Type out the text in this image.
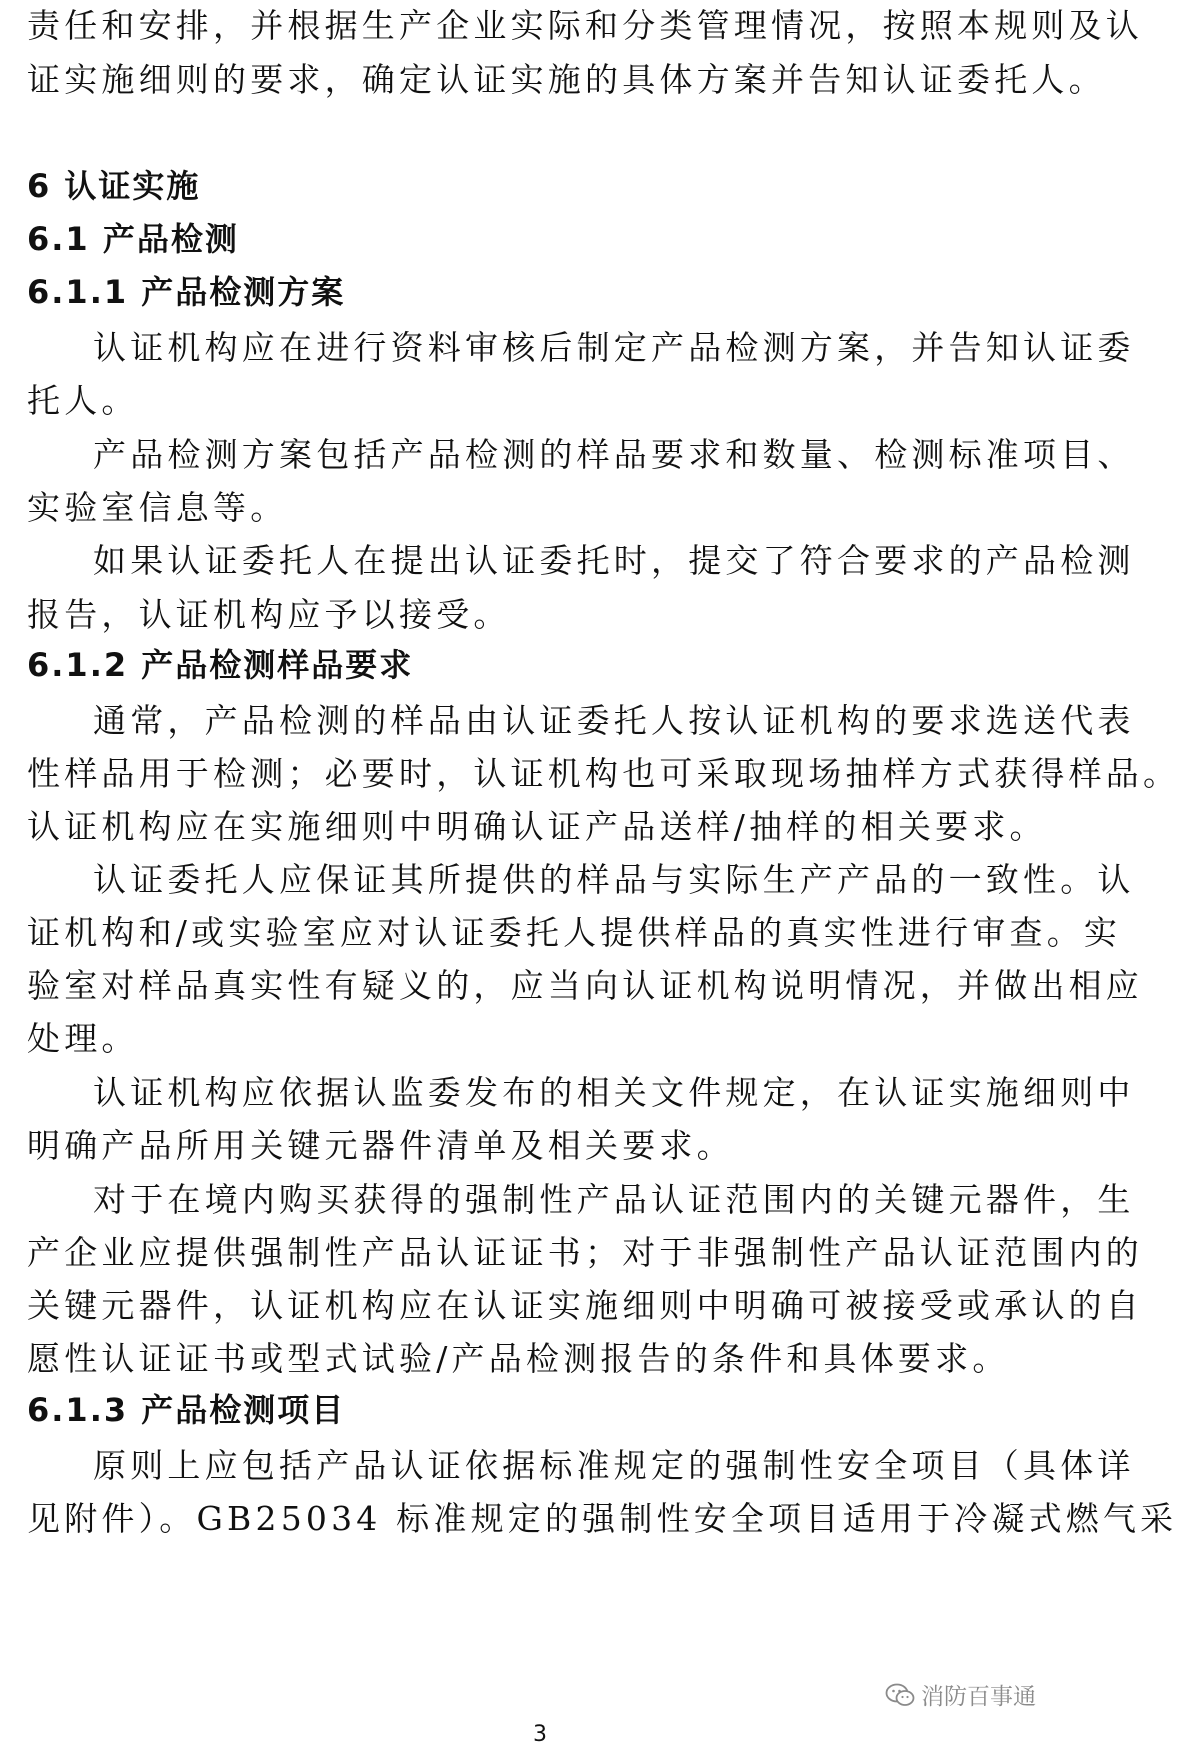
责任和安排，并根据生产企业实际和分类管理情况，按照本规则及认
证实施细则的要求，确定认证实施的具体方案并告知认证委托人。
6 认证实施
6.1 产品检测
6.1.1 产品检测方案
认证机构应在进行资料审核后制定产品检测方案，并告知认证委
托人。
产品检测方案包括产品检测的样品要求和数量、检测标准项目、
实验室信息等。
如果认证委托人在提出认证委托时，提交了符合要求的产品检测
报告，认证机构应予以接受。
6.1.2 产品检测样品要求
通常，产品检测的样品由认证委托人按认证机构的要求选送代表
性样品用于检测；必要时，认证机构也可采取现场抽样方式获得样品。
认证机构应在实施细则中明确认证产品送样/抽样的相关要求。
认证委托人应保证其所提供的样品与实际生产产品的一致性。认
证机构和/或实验室应对认证委托人提供样品的真实性进行审查。实
验室对样品真实性有疑义的，应当向认证机构说明情况，并做出相应
处理。
认证机构应依据认监委发布的相关文件规定，在认证实施细则中
明确产品所用关键元器件清单及相关要求。
对于在境内购买获得的强制性产品认证范围内的关键元器件，生
产企业应提供强制性产品认证证书；对于非强制性产品认证范围内的
关键元器件，认证机构应在认证实施细则中明确可被接受或承认的自
愿性认证证书或型式试验/产品检测报告的条件和具体要求。
6.1.3 产品检测项目
原则上应包括产品认证依据标准规定的强制性安全项目（具体详
见附件）。GB25034 标准规定的强制性安全项目适用于冷凝式燃气采
消防百事通
3
